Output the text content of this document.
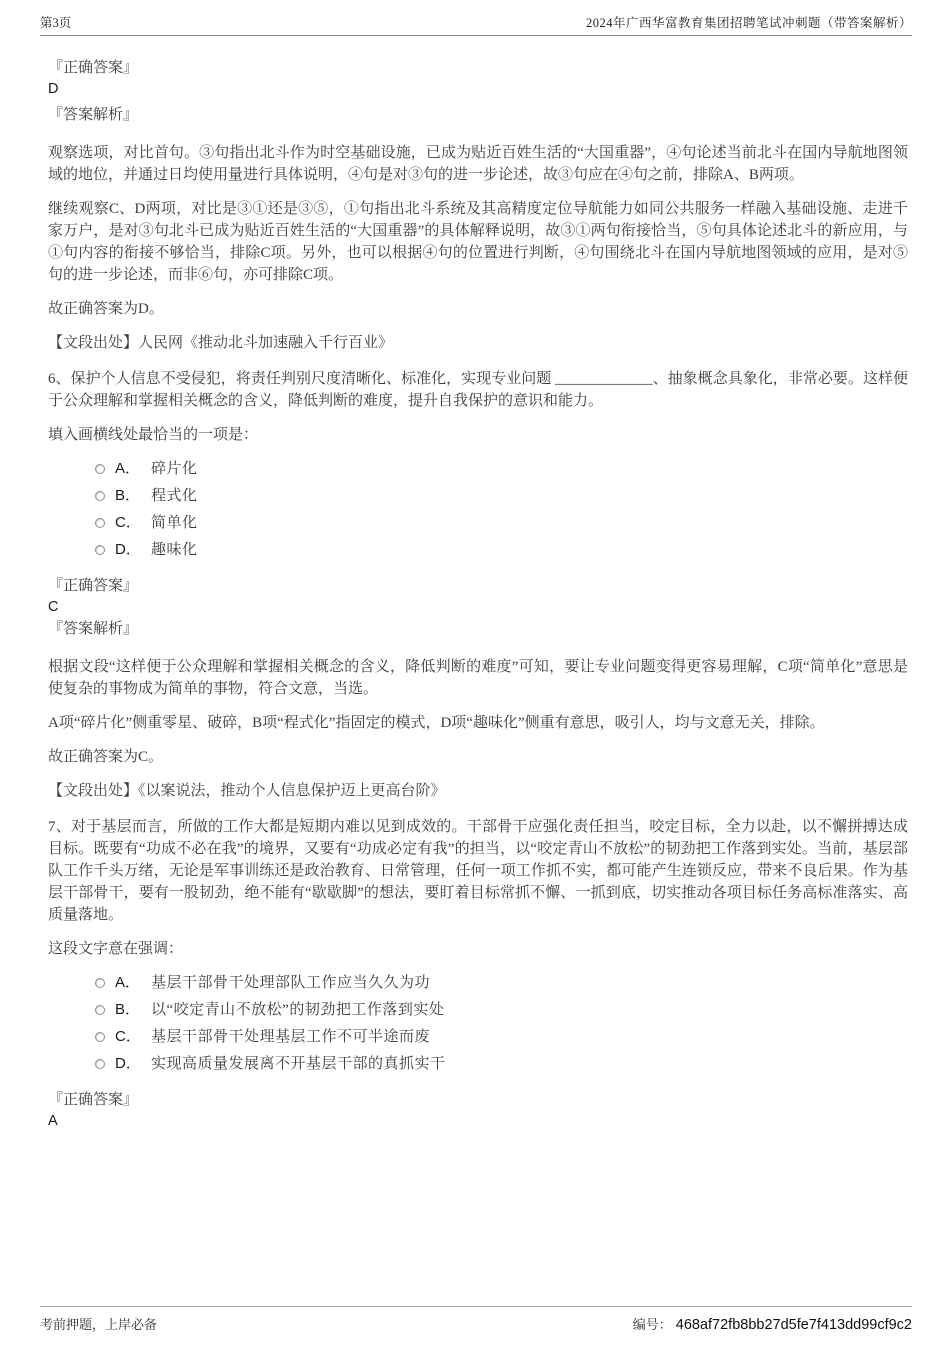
第3页	2024年广西华富教育集团招聘笔试冲刺题（带答案解析）
『正确答案』
D
『答案解析』
观察选项，对比首句。③句指出北斗作为时空基础设施，已成为贴近百姓生活的“大国重器”，④句论述当前北斗在国内导航地图领域的地位，并通过日均使用量进行具体说明，④句是对③句的进一步论述，故③句应在④句之前，排除A、B两项。
继续观察C、D两项，对比是③①还是③⑤，①句指出北斗系统及其高精度定位导航能力如同公共服务一样融入基础设施、走进千家万户，是对③句北斗已成为贴近百姓生活的“大国重器”的具体解释说明，故③①两句衔接恰当，⑤句具体论述北斗的新应用，与①句内容的衔接不够恰当，排除C项。另外，也可以根据④句的位置进行判断，④句围绕北斗在国内导航地图领域的应用，是对⑤句的进一步论述，而非⑥句，亦可排除C项。
故正确答案为D。
【文段出处】人民网《推动北斗加速融入千行百业》
6、保护个人信息不受侵犯，将责任判别尺度清晰化、标准化，实现专业问题 _____________、抽象概念具象化，非常必要。这样便于公众理解和掌握相关概念的含义，降低判断的难度，提升自我保护的意识和能力。
填入画横线处最恰当的一项是：
A． 碎片化
B． 程式化
C． 简单化
D． 趣味化
『正确答案』
C
『答案解析』
根据文段“这样便于公众理解和掌握相关概念的含义，降低判断的难度”可知，要让专业问题变得更容易理解，C项“简单化”意思是使复杂的事物成为简单的事物，符合文意，当选。
A项“碎片化”侧重零星、破碎，B项“程式化”指固定的模式，D项“趣味化”侧重有意思，吸引人，均与文意无关，排除。
故正确答案为C。
【文段出处】《以案说法，推动个人信息保护迈上更高台阶》
7、对于基层而言，所做的工作大都是短期内难以见到成效的。干部骨干应强化责任担当，咬定目标，全力以赴，以不懈拼搏达成目标。既要有“功成不必在我”的境界，又要有“功成必定有我”的担当，以“咬定青山不放松”的韧劲把工作落到实处。当前，基层部队工作千头万绪，无论是军事训练还是政治教育、日常管理，任何一项工作抓不实，都可能产生连锁反应，带来不良后果。作为基层干部骨干，要有一股韧劲，绝不能有“歇歇脚”的想法，要盯着目标常抓不懈、一抓到底，切实推动各项目标任务高标准落实、高质量落地。
这段文字意在强调：
A． 基层干部骨干处理部队工作应当久久为功
B． 以“咬定青山不放松”的韧劲把工作落到实处
C． 基层干部骨干处理基层工作不可半途而废
D． 实现高质量发展离不开基层干部的真抓实干
『正确答案』
A
考前押题，上岸必备	编号： 468af72fb8bb27d5fe7f413dd99cf9c2
